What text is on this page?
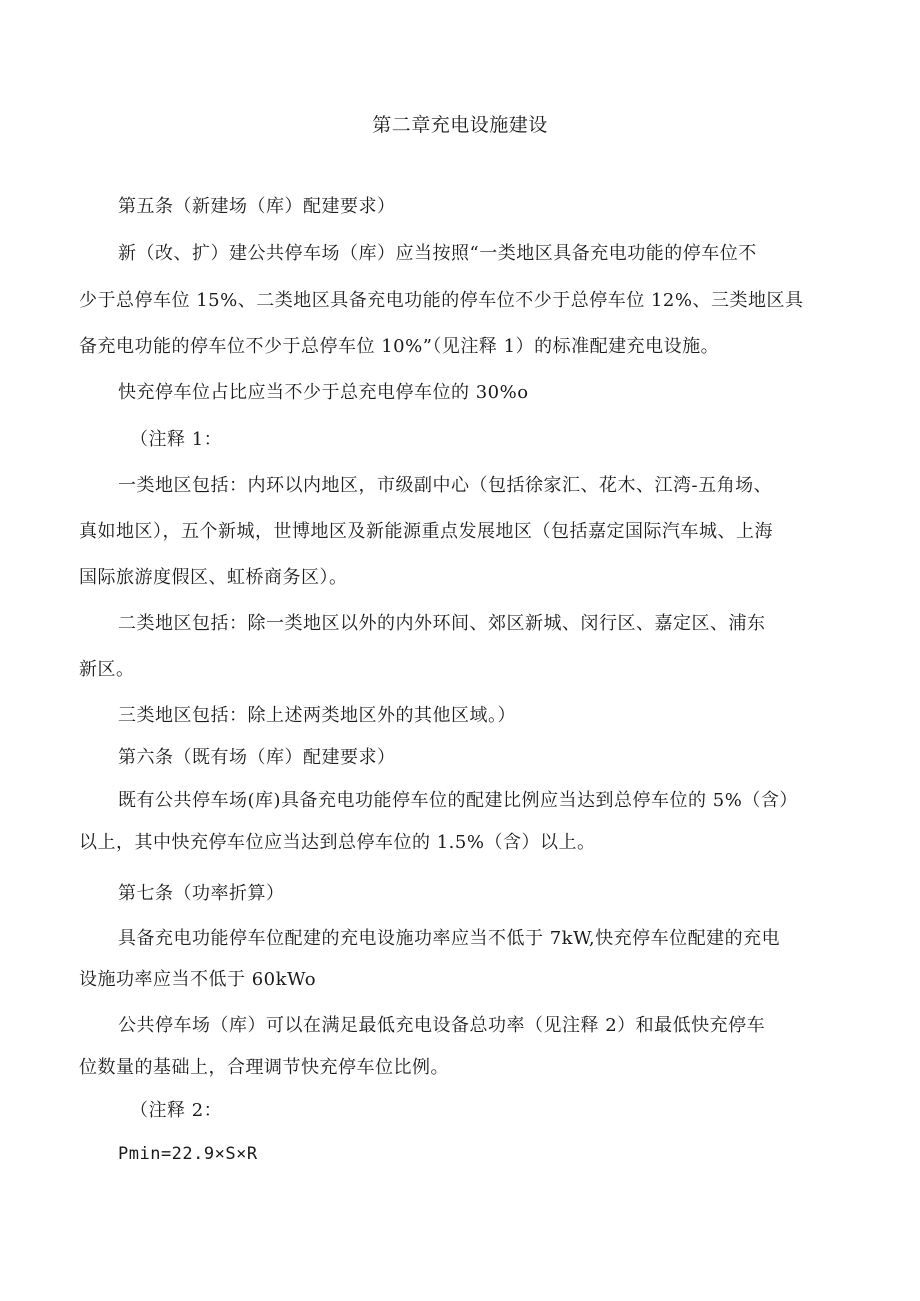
第二章充电设施建设
第五条（新建场（库）配建要求）
新（改、扩）建公共停车场（库）应当按照“一类地区具备充电功能的停车位不
少于总停车位 15%、二类地区具备充电功能的停车位不少于总停车位 12%、三类地区具
备充电功能的停车位不少于总停车位 10%”（见注释 1）的标准配建充电设施。
快充停车位占比应当不少于总充电停车位的 30%o
（注释 1：
一类地区包括：内环以内地区，市级副中心（包括徐家汇、花木、江湾-五角场、
真如地区），五个新城，世博地区及新能源重点发展地区（包括嘉定国际汽车城、上海
国际旅游度假区、虹桥商务区）。
二类地区包括：除一类地区以外的内外环间、郊区新城、闵行区、嘉定区、浦东
新区。
三类地区包括：除上述两类地区外的其他区域。）
第六条（既有场（库）配建要求）
既有公共停车场(库)具备充电功能停车位的配建比例应当达到总停车位的 5%（含）
以上，其中快充停车位应当达到总停车位的 1.5%（含）以上。
第七条（功率折算）
具备充电功能停车位配建的充电设施功率应当不低于 7kW,快充停车位配建的充电
设施功率应当不低于 60kWo
公共停车场（库）可以在满足最低充电设备总功率（见注释 2）和最低快充停车
位数量的基础上，合理调节快充停车位比例。
（注释 2：
Pmin=22.9×S×R
